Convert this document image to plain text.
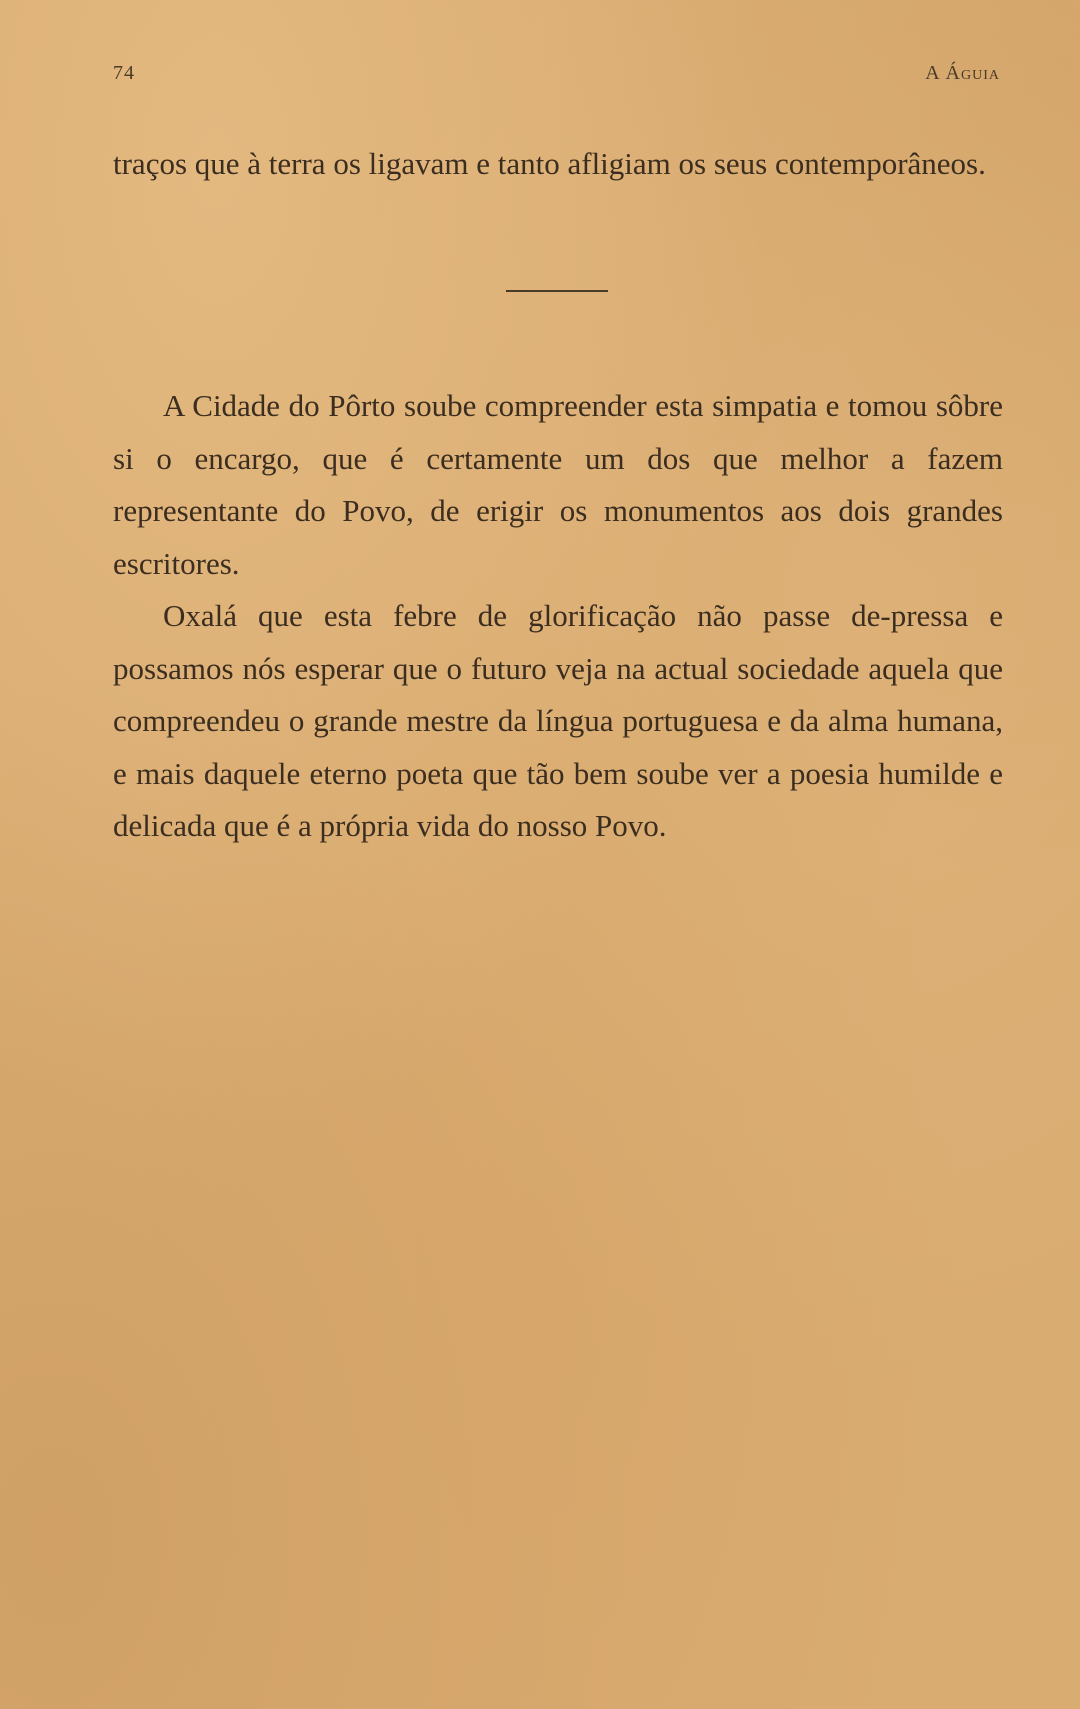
74	A Águia

traços que à terra os ligavam e tanto afligiam os seus contemporâneos.

A Cidade do Pôrto soube compreender esta simpatia e tomou sôbre si o encargo, que é certamente um dos que melhor a fazem representante do Povo, de erigir os monumentos aos dois grandes escritores.

Oxalá que esta febre de glorificação não passe de-pressa e possamos nós esperar que o futuro veja na actual sociedade aquela que compreendeu o grande mestre da língua portuguesa e da alma humana, e mais daquele eterno poeta que tão bem soube ver a poesia humilde e delicada que é a própria vida do nosso Povo.
